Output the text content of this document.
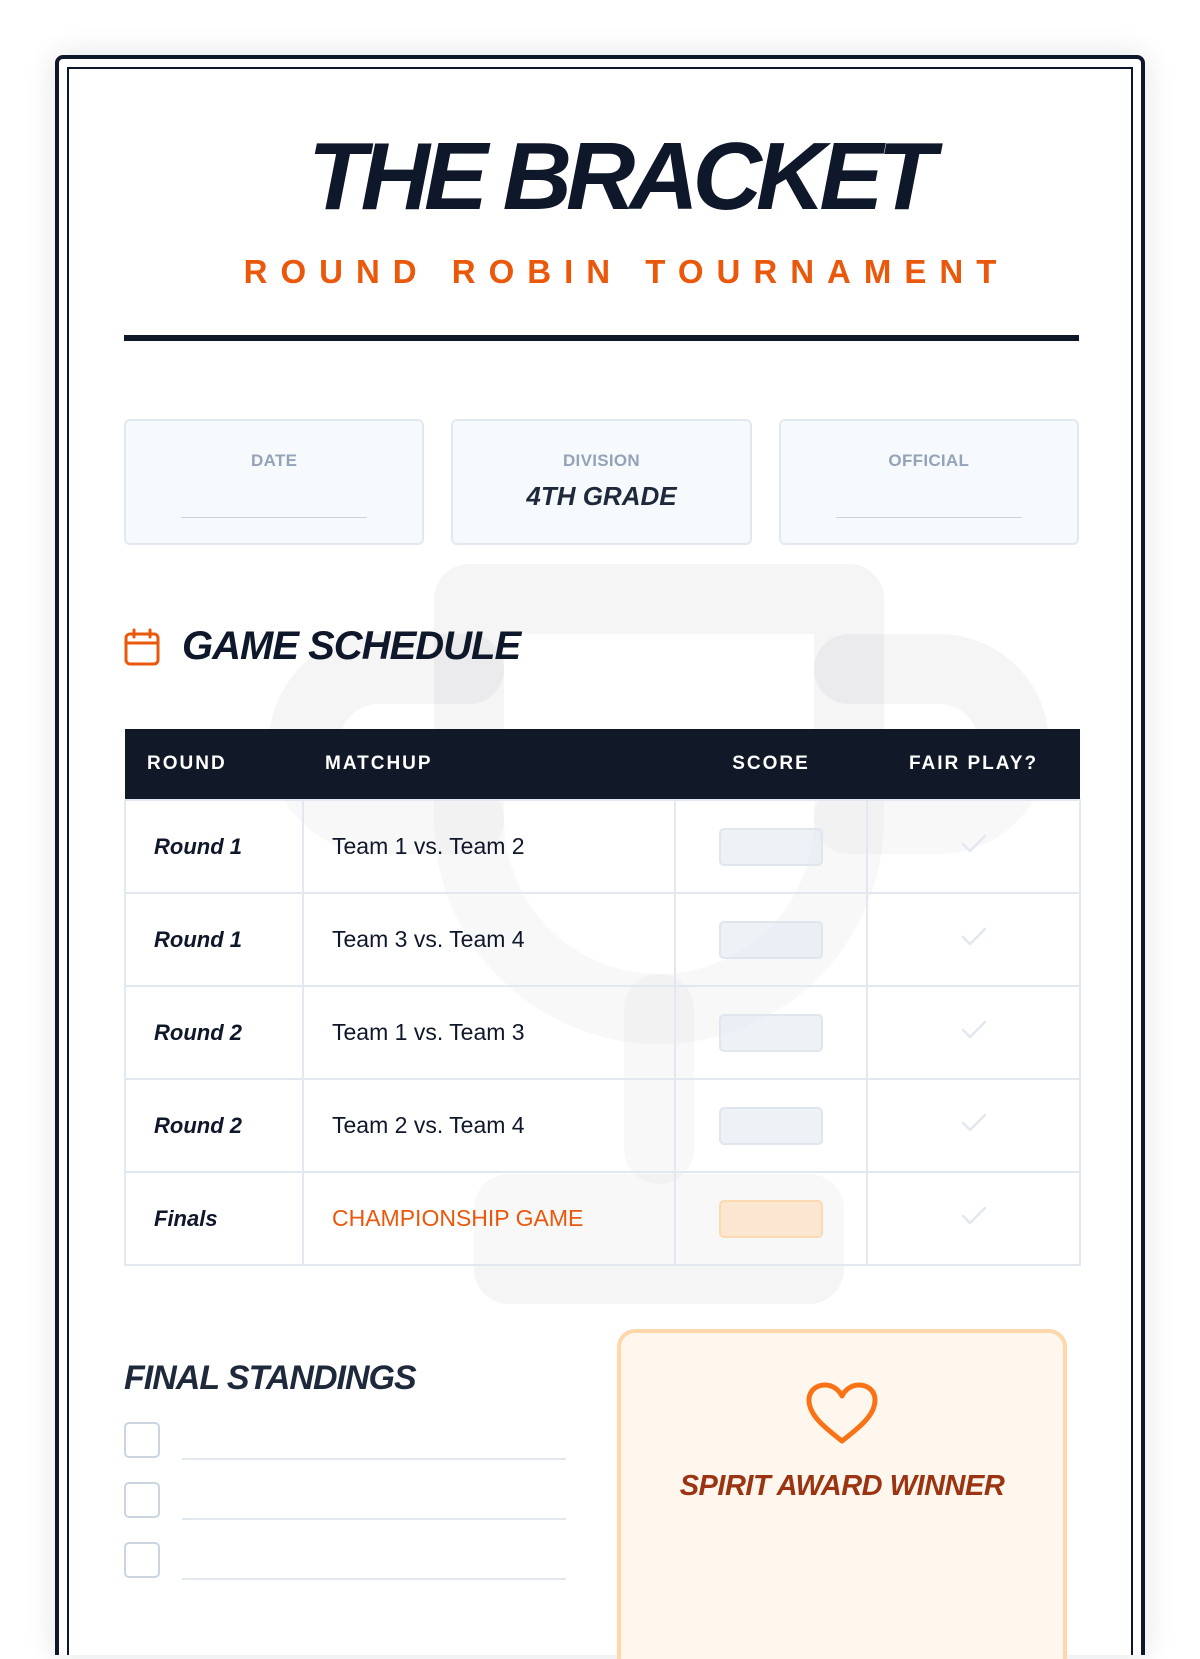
THE BRACKET
ROUND ROBIN TOURNAMENT
DATE	DIVISION
4TH GRADE
OFFICIAL
GAME SCHEDULE
ROUND	MATCHUP	SCORE	FAIR PLAY?
Round 1	Team 1 vs. Team 2	

Round 1	Team 3 vs. Team 4	

Round 2	Team 1 vs. Team 3	

Round 2	Team 2 vs. Team 4	

Finals	CHAMPIONSHIP GAME	

FINAL STANDINGS
SPIRIT AWARD WINNER
